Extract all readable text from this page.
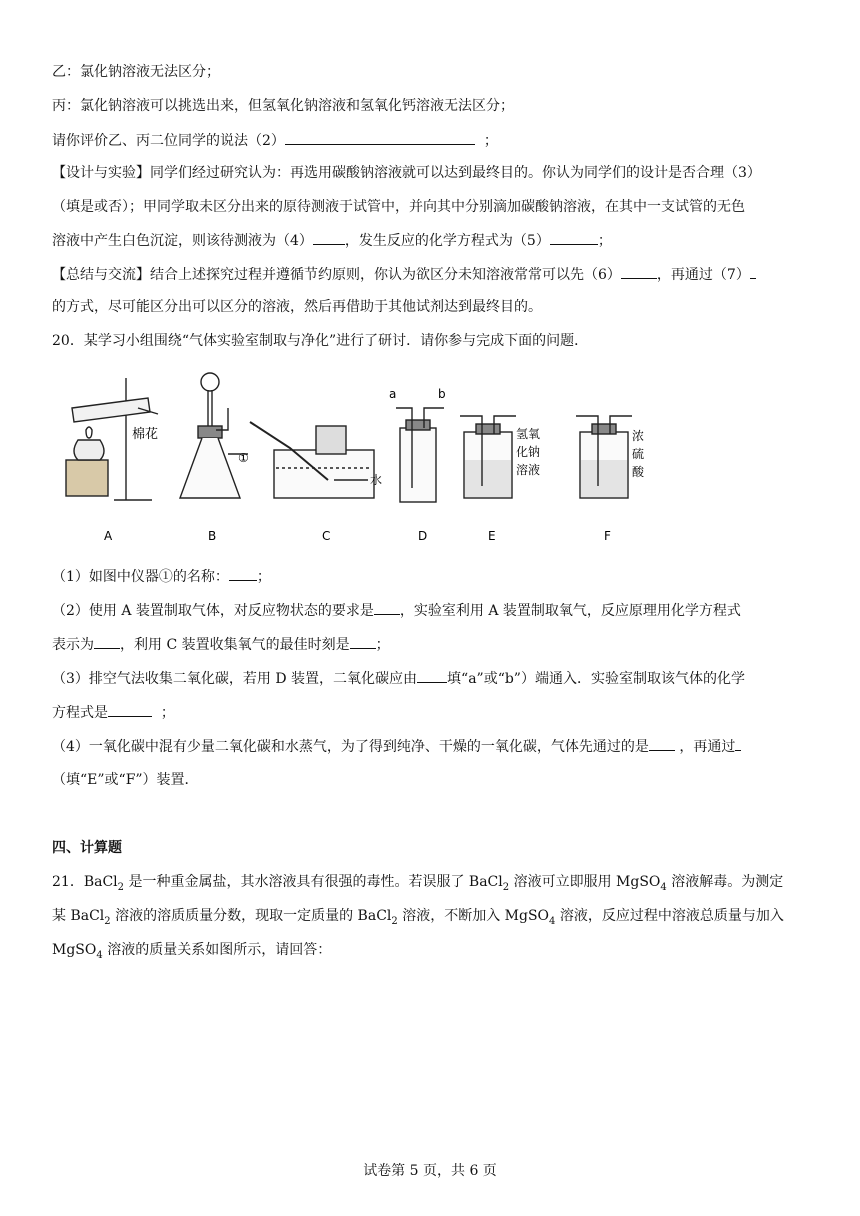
乙：氯化钠溶液无法区分；
丙：氯化钠溶液可以挑选出来，但氢氧化钠溶液和氢氧化钙溶液无法区分；
请你评价乙、丙二位同学的说法（2）	；
【设计与实验】同学们经过研究认为：再选用碳酸钠溶液就可以达到最终目的。你认为同学们的设计是否合理（3）
（填是或否）；甲同学取未区分出来的原待测液于试管中，并向其中分别滴加碳酸钠溶液，在其中一支试管的无色
溶液中产生白色沉淀，则该待测液为（4） ，发生反应的化学方程式为（5）	；
【总结与交流】结合上述探究过程并遵循节约原则，你认为欲区分未知溶液常常可以先（6）	，再通过（7）
的方式，尽可能区分出可以区分的溶液，然后再借助于其他试剂达到最终目的。
20．某学习小组围绕“气体实验室制取与净化”进行了研讨．请你参与完成下面的问题．
棉花
①
水
a	b
氢氧
化钠
溶液
浓
硫
酸
A	B	C	D	E	F
（1）如图中仪器①的名称： ；
（2）使用 A 装置制取气体，对反应物状态的要求是 ，实验室利用 A 装置制取氧气，反应原理用化学方程式
表示为 ，利用 C 装置收集氧气的最佳时刻是 ；
（3）排空气法收集二氧化碳，若用 D 装置，二氧化碳应由 填“a”或“b”）端通入．实验室制取该气体的化学
方程式是	；
（4）一氧化碳中混有少量二氧化碳和水蒸气，为了得到纯净、干燥的一氧化碳，气体先通过的是 ，再通过
（填“E”或“F”）装置．
四、计算题
21．BaCl$_2$ 是一种重金属盐，其水溶液具有很强的毒性。若误服了 BaCl$_2$ 溶液可立即服用 MgSO$_4$ 溶液解毒。为测定
某 BaCl$_2$ 溶液的溶质质量分数，现取一定质量的 BaCl$_2$ 溶液，不断加入 MgSO$_4$ 溶液，反应过程中溶液总质量与加入
MgSO$_4$ 溶液的质量关系如图所示，请回答：
试卷第 5 页，共 6 页
